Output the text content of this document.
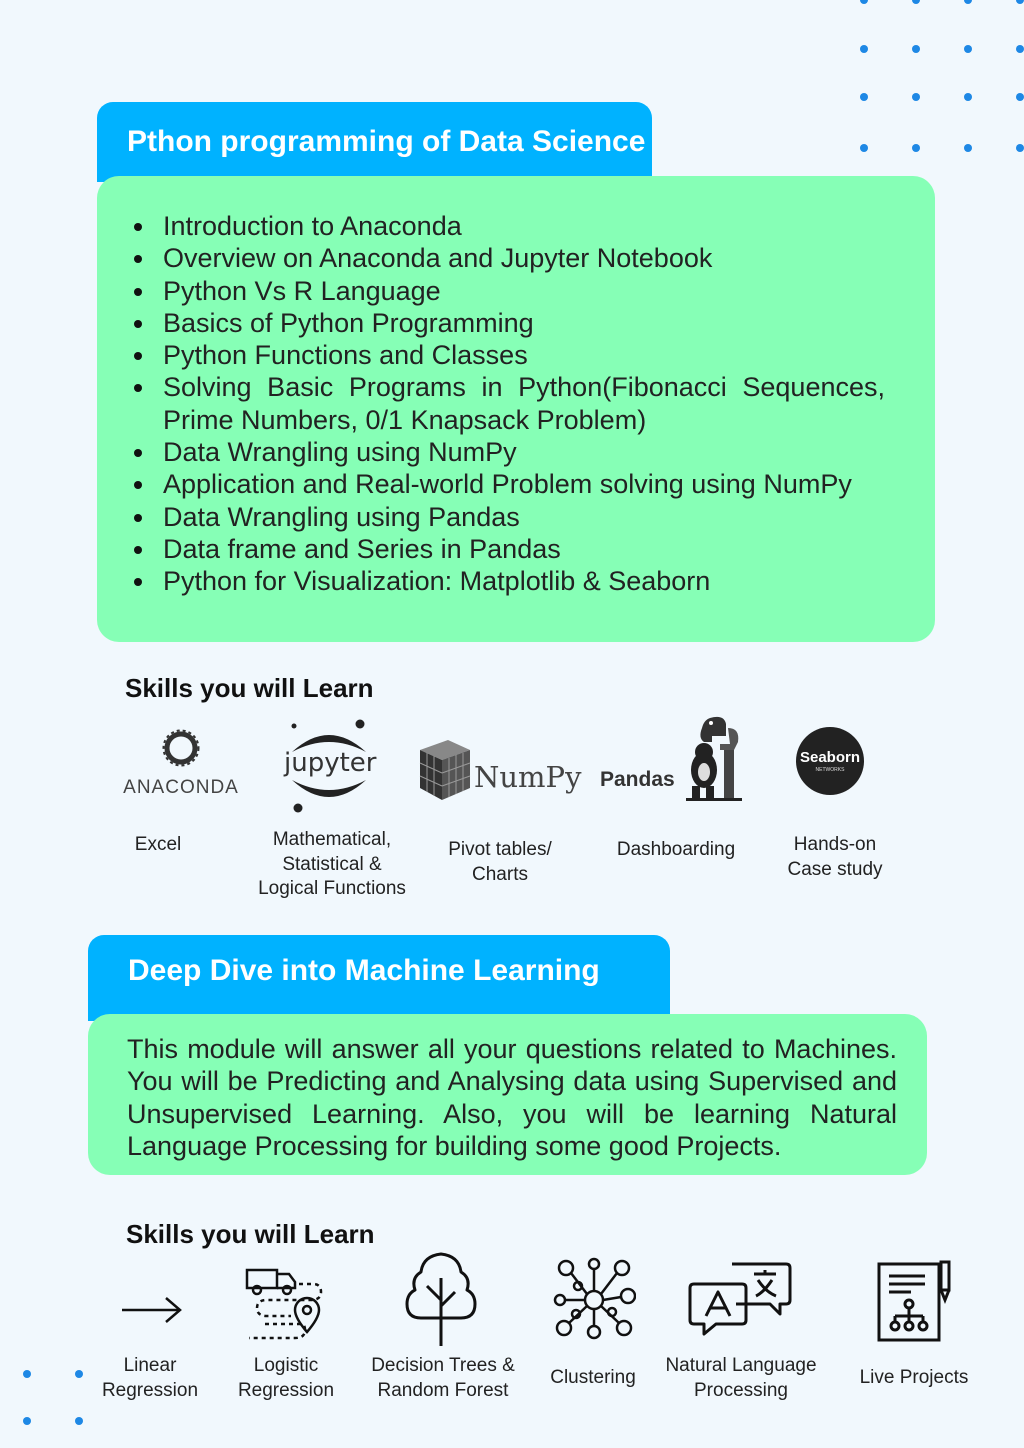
Pthon programming of Data Science
Introduction to Anaconda
Overview on Anaconda and Jupyter Notebook
Python Vs R Language
Basics of Python Programming
Python Functions and Classes
Solving Basic Programs in Python(Fibonacci Sequences, Prime Numbers, 0/1 Knapsack Problem)
Data Wrangling using NumPy
Application and Real-world Problem solving using NumPy
Data Wrangling using Pandas
Data frame and Series in Pandas
Python for Visualization: Matplotlib & Seaborn
Skills you will Learn
ANACONDA
jupyter	NumPy Pandas
Seaborn
NETWORKS
Excel	Mathematical,
Statistical &
Logical Functions
Pivot tables/
Charts
Dashboarding	Hands-on
Case study
Deep Dive into Machine Learning
This module will answer all your questions related to Machines. You will be Predicting and Analysing data using Supervised and Unsupervised Learning. Also, you will be learning Natural Language Processing for building some good Projects.
Skills you will Learn
Linear
Regression
Logistic
Regression
Decision Trees &
Random Forest
Clustering
Natural Language
Processing
Live Projects
